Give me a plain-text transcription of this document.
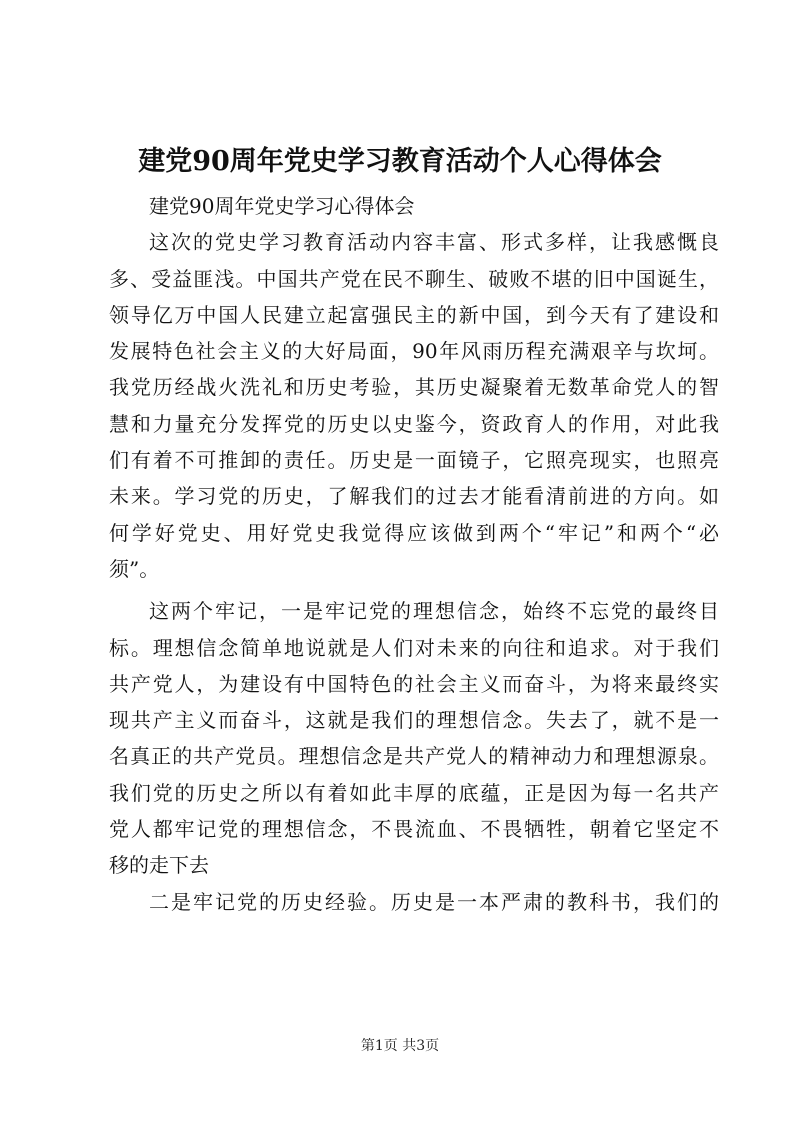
建党90周年党史学习教育活动个人心得体会
建党90周年党史学习心得体会
这次的党史学习教育活动内容丰富、形式多样，让我感慨良
多、受益匪浅。中国共产党在民不聊生、破败不堪的旧中国诞生，
领导亿万中国人民建立起富强民主的新中国，到今天有了建设和
发展特色社会主义的大好局面，90年风雨历程充满艰辛与坎坷。
我党历经战火洗礼和历史考验，其历史凝聚着无数革命党人的智
慧和力量充分发挥党的历史以史鉴今，资政育人的作用，对此我
们有着不可推卸的责任。历史是一面镜子，它照亮现实，也照亮
未来。学习党的历史，了解我们的过去才能看清前进的方向。如
何学好党史、用好党史我觉得应该做到两个“牢记”和两个“必
须”。
这两个牢记，一是牢记党的理想信念，始终不忘党的最终目
标。理想信念简单地说就是人们对未来的向往和追求。对于我们
共产党人，为建设有中国特色的社会主义而奋斗，为将来最终实
现共产主义而奋斗，这就是我们的理想信念。失去了，就不是一
名真正的共产党员。理想信念是共产党人的精神动力和理想源泉。
我们党的历史之所以有着如此丰厚的底蕴，正是因为每一名共产
党人都牢记党的理想信念，不畏流血、不畏牺牲，朝着它坚定不
移的走下去
二是牢记党的历史经验。历史是一本严肃的教科书，我们的
第1页 共3页
